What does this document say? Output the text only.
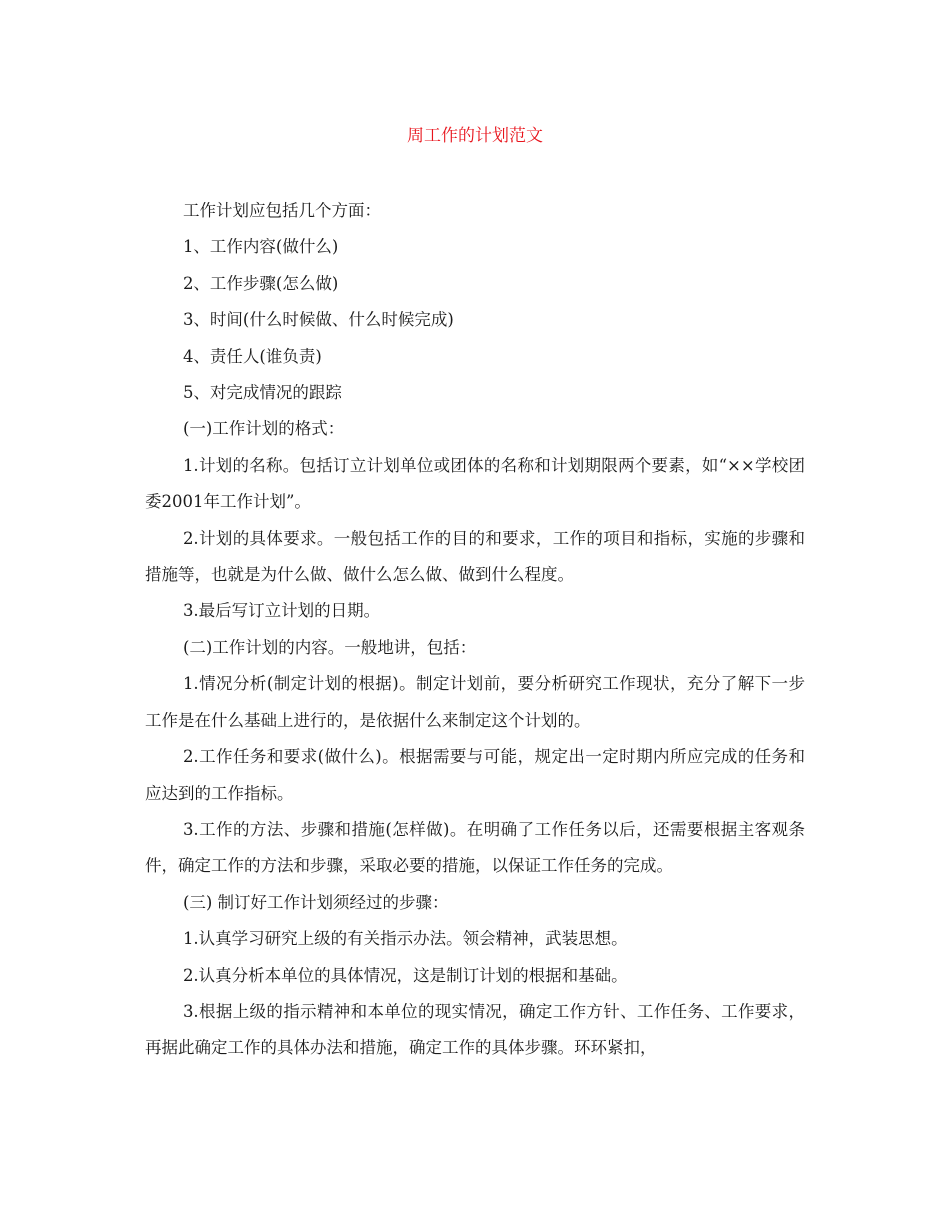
周工作的计划范文

工作计划应包括几个方面：

1、工作内容(做什么)

2、工作步骤(怎么做)

3、时间(什么时候做、什么时候完成)

4、责任人(谁负责)

5、对完成情况的跟踪

(一)工作计划的格式：

1.计划的名称。包括订立计划单位或团体的名称和计划期限两个要素，如“××学校团委2001年工作计划”。

2.计划的具体要求。一般包括工作的目的和要求，工作的项目和指标，实施的步骤和措施等，也就是为什么做、做什么怎么做、做到什么程度。

3.最后写订立计划的日期。

(二)工作计划的内容。一般地讲，包括：

1.情况分析(制定计划的根据)。制定计划前，要分析研究工作现状，充分了解下一步工作是在什么基础上进行的，是依据什么来制定这个计划的。

2.工作任务和要求(做什么)。根据需要与可能，规定出一定时期内所应完成的任务和应达到的工作指标。

3.工作的方法、步骤和措施(怎样做)。在明确了工作任务以后，还需要根据主客观条件，确定工作的方法和步骤，采取必要的措施，以保证工作任务的完成。

(三) 制订好工作计划须经过的步骤：

1.认真学习研究上级的有关指示办法。领会精神，武装思想。

2.认真分析本单位的具体情况，这是制订计划的根据和基础。

3.根据上级的指示精神和本单位的现实情况，确定工作方针、工作任务、工作要求，再据此确定工作的具体办法和措施，确定工作的具体步骤。环环紧扣，
